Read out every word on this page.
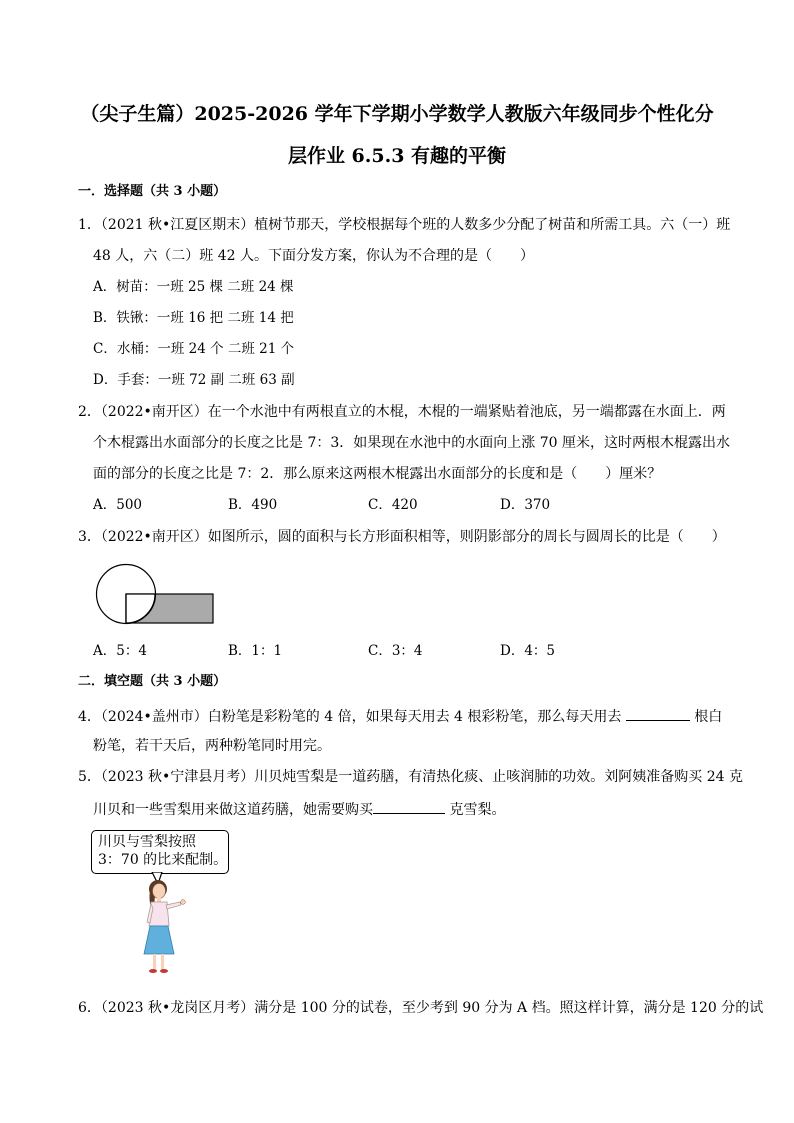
（尖子生篇）2025-2026 学年下学期小学数学人教版六年级同步个性化分
层作业 6.5.3 有趣的平衡
一．选择题（共 3 小题）
1．（2021 秋•江夏区期末）植树节那天，学校根据每个班的人数多少分配了树苗和所需工具。六（一）班
48 人，六（二）班 42 人。下面分发方案，你认为不合理的是（　　）
A．树苗：一班 25 棵 二班 24 棵
B．铁锹：一班 16 把 二班 14 把
C．水桶：一班 24 个 二班 21 个
D．手套：一班 72 副 二班 63 副
2．（2022•南开区）在一个水池中有两根直立的木棍，木棍的一端紧贴着池底，另一端都露在水面上．两
个木棍露出水面部分的长度之比是 7：3．如果现在水池中的水面向上涨 70 厘米，这时两根木棍露出水
面的部分的长度之比是 7：2．那么原来这两根木棍露出水面部分的长度和是（　　）厘米？
A．500	B．490	C．420	D．370
3．（2022•南开区）如图所示，圆的面积与长方形面积相等，则阴影部分的周长与圆周长的比是（　　）
A．5：4	B．1：1	C．3：4	D．4：5
二．填空题（共 3 小题）
4．（2024•盖州市）白粉笔是彩粉笔的 4 倍，如果每天用去 4 根彩粉笔，那么每天用去	根白
粉笔，若干天后，两种粉笔同时用完。
5．（2023 秋•宁津县月考）川贝炖雪梨是一道药膳，有清热化痰、止咳润肺的功效。刘阿姨准备购买 24 克
川贝和一些雪梨用来做这道药膳，她需要购买	克雪梨。
川贝与雪梨按照
3：70 的比来配制。
6．（2023 秋•龙岗区月考）满分是 100 分的试卷，至少考到 90 分为 A 档。照这样计算，满分是 120 分的试
